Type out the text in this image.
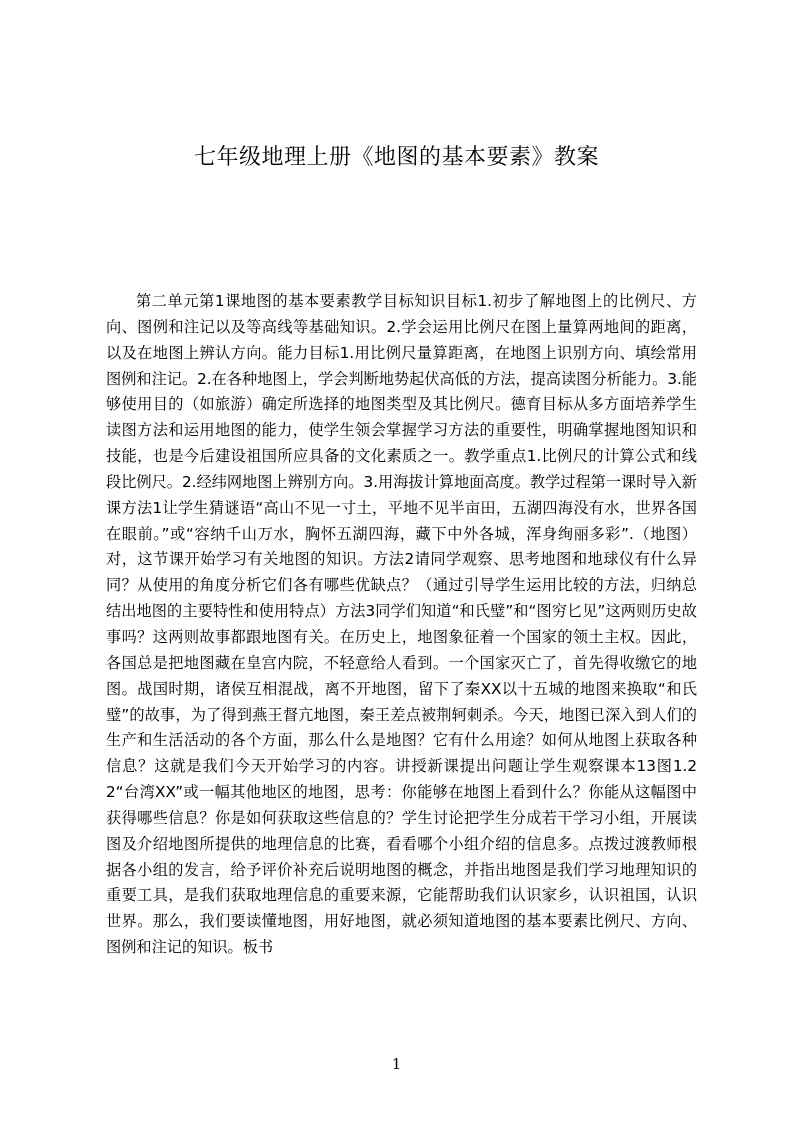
七年级地理上册《地图的基本要素》教案

第二单元第1课地图的基本要素教学目标知识目标1.初步了解地图上的比例尺、方向、图例和注记以及等高线等基础知识。2.学会运用比例尺在图上量算两地间的距离，以及在地图上辨认方向。能力目标1.用比例尺量算距离，在地图上识别方向、填绘常用图例和注记。2.在各种地图上，学会判断地势起伏高低的方法，提高读图分析能力。3.能够使用目的（如旅游）确定所选择的地图类型及其比例尺。德育目标从多方面培养学生读图方法和运用地图的能力，使学生领会掌握学习方法的重要性，明确掌握地图知识和技能，也是今后建设祖国所应具备的文化素质之一。教学重点1.比例尺的计算公式和线段比例尺。2.经纬网地图上辨别方向。3.用海拔计算地面高度。教学过程第一课时导入新课方法1让学生猜谜语“高山不见一寸土，平地不见半亩田，五湖四海没有水，世界各国在眼前。”或“容纳千山万水，胸怀五湖四海，藏下中外各城，浑身绚丽多彩”.（地图）对，这节课开始学习有关地图的知识。方法2请同学观察、思考地图和地球仪有什么异同？从使用的角度分析它们各有哪些优缺点？（通过引导学生运用比较的方法，归纳总结出地图的主要特性和使用特点）方法3同学们知道“和氏璧”和“图穷匕见”这两则历史故事吗？这两则故事都跟地图有关。在历史上，地图象征着一个国家的领土主权。因此，各国总是把地图藏在皇宫内院，不轻意给人看到。一个国家灭亡了，首先得收缴它的地图。战国时期，诸侯互相混战，离不开地图，留下了秦XX以十五城的地图来换取“和氏璧”的故事，为了得到燕王督亢地图，秦王差点被荆轲刺杀。今天，地图已深入到人们的生产和生活活动的各个方面，那么什么是地图？它有什么用途？如何从地图上获取各种信息？这就是我们今天开始学习的内容。讲授新课提出问题让学生观察课本13图1.22“台湾XX”或一幅其他地区的地图，思考：你能够在地图上看到什么？你能从这幅图中获得哪些信息？你是如何获取这些信息的？学生讨论把学生分成若干学习小组，开展读图及介绍地图所提供的地理信息的比赛，看看哪个小组介绍的信息多。点拨过渡教师根据各小组的发言，给予评价补充后说明地图的概念，并指出地图是我们学习地理知识的重要工具，是我们获取地理信息的重要来源，它能帮助我们认识家乡，认识祖国，认识世界。那么，我们要读懂地图，用好地图，就必须知道地图的基本要素比例尺、方向、图例和注记的知识。板书

1
